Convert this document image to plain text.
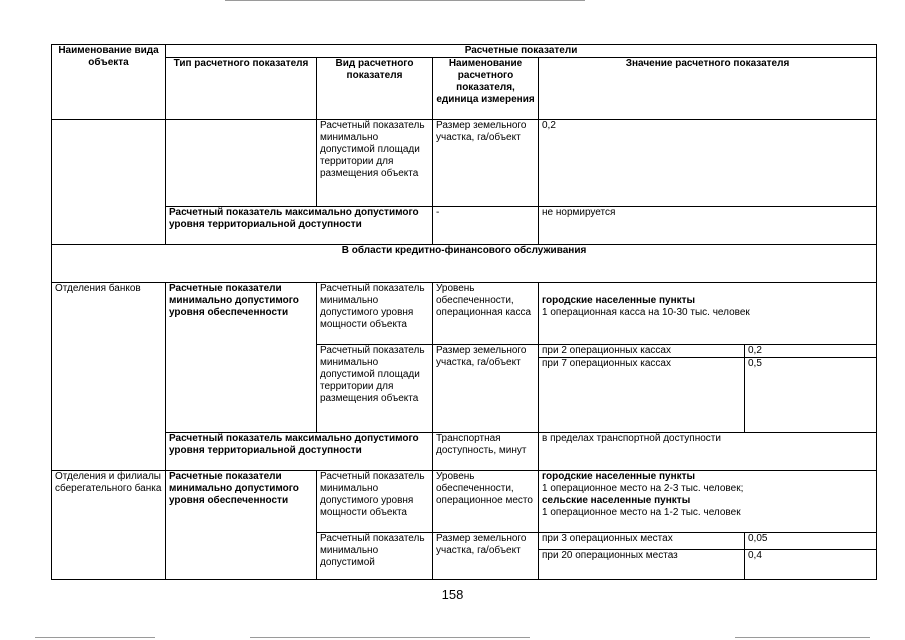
Наименование вида объекта	Расчетные показатели				
	Тип расчетного показателя	Вид расчетного показателя	Наименование расчетного показателя, единица измерения	Значение расчетного показателя	
		Расчетный показатель минимально допустимой площади территории для размещения объекта	Размер земельного участка, га/объект	0,2	
	Расчетный показатель максимально допустимого уровня территориальной доступности		-	не нормируется	
В области кредитно-финансового обслуживания					
Отделения банков	Расчетные показатели минимально допустимого уровня обеспеченности	Расчетный показатель минимально допустимого уровня мощности объекта	Уровень обеспеченности, операционная касса	городские населенные пункты
1 операционная касса на 10-30 тыс. человек	

		Расчетный показатель минимально допустимой площади территории для размещения объекта	Размер земельного участка, га/объект	при 2 операционных кассах	0,2
				при 7 операционных кассах	0,5
	Расчетный показатель максимально допустимого уровня территориальной доступности		Транспортная доступность, минут	в пределах транспортной доступности	
Отделения и филиалы сберегательного банка	Расчетные показатели минимально допустимого уровня обеспеченности	Расчетный показатель минимально допустимого уровня мощности объекта	Уровень обеспеченности, операционное место	городские населенные пункты
1 операционное место на 2-3 тыс. человек;
сельские населенные пункты
1 операционное место на 1-2 тыс. человек	

		Расчетный показатель минимально допустимой	Размер земельного участка, га/объект	при 3 операционных местах	0,05
				при 20 операционных местаз	0,4
158
